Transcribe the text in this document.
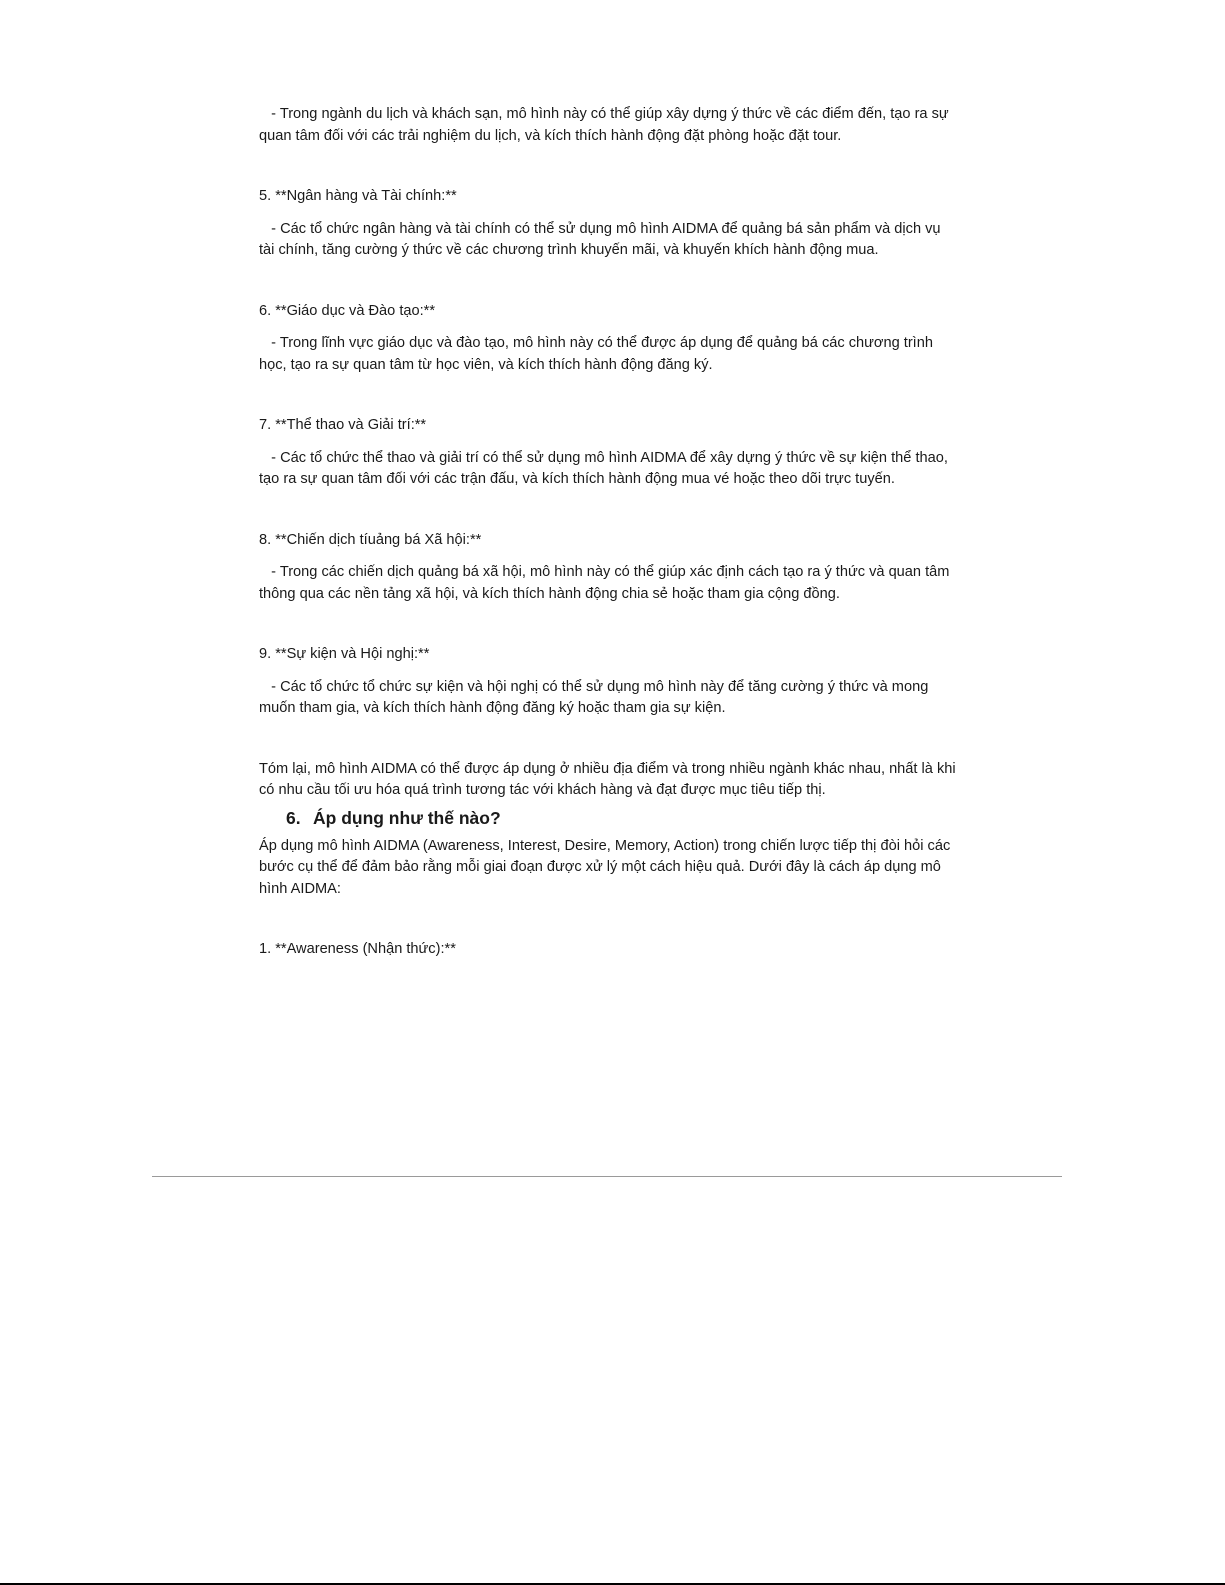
- Trong ngành du lịch và khách sạn, mô hình này có thể giúp xây dựng ý thức về các điểm đến, tạo ra sự quan tâm đối với các trải nghiệm du lịch, và kích thích hành động đặt phòng hoặc đặt tour.

5. **Ngân hàng và Tài chính:**

- Các tổ chức ngân hàng và tài chính có thể sử dụng mô hình AIDMA để quảng bá sản phẩm và dịch vụ tài chính, tăng cường ý thức về các chương trình khuyến mãi, và khuyến khích hành động mua.

6. **Giáo dục và Đào tạo:**

- Trong lĩnh vực giáo dục và đào tạo, mô hình này có thể được áp dụng để quảng bá các chương trình học, tạo ra sự quan tâm từ học viên, và kích thích hành động đăng ký.

7. **Thể thao và Giải trí:**

- Các tổ chức thể thao và giải trí có thể sử dụng mô hình AIDMA để xây dựng ý thức về sự kiện thể thao, tạo ra sự quan tâm đối với các trận đấu, và kích thích hành động mua vé hoặc theo dõi trực tuyến.

8. **Chiến dịch tíuảng bá Xã hội:**

- Trong các chiến dịch quảng bá xã hội, mô hình này có thể giúp xác định cách tạo ra ý thức và quan tâm thông qua các nền tảng xã hội, và kích thích hành động chia sẻ hoặc tham gia cộng đồng.

9. **Sự kiện và Hội nghị:**

- Các tổ chức tổ chức sự kiện và hội nghị có thể sử dụng mô hình này để tăng cường ý thức và mong muốn tham gia, và kích thích hành động đăng ký hoặc tham gia sự kiện.

Tóm lại, mô hình AIDMA có thể được áp dụng ở nhiều địa điểm và trong nhiều ngành khác nhau, nhất là khi có nhu cầu tối ưu hóa quá trình tương tác với khách hàng và đạt được mục tiêu tiếp thị.

6. Áp dụng như thế nào?

Áp dụng mô hình AIDMA (Awareness, Interest, Desire, Memory, Action) trong chiến lược tiếp thị đòi hỏi các bước cụ thể để đảm bảo rằng mỗi giai đoạn được xử lý một cách hiệu quả. Dưới đây là cách áp dụng mô hình AIDMA:

1. **Awareness (Nhận thức):**
